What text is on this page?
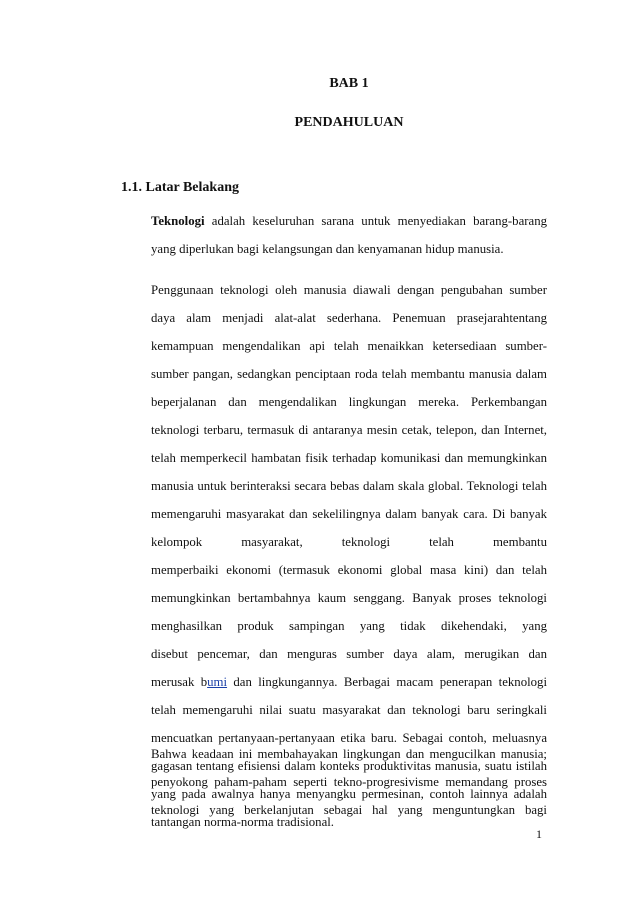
BAB 1
PENDAHULUAN
1.1. Latar Belakang
Teknologi adalah keseluruhan sarana untuk menyediakan barang-barang
yang diperlukan bagi kelangsungan dan kenyamanan hidup manusia.
Penggunaan teknologi oleh manusia diawali dengan pengubahan sumber
daya alam menjadi alat-alat sederhana. Penemuan prasejarahtentang
kemampuan mengendalikan api telah menaikkan ketersediaan sumber-
sumber pangan, sedangkan penciptaan roda telah membantu manusia dalam
beperjalanan dan mengendalikan lingkungan mereka. Perkembangan
teknologi terbaru, termasuk di antaranya mesin cetak, telepon, dan Internet,
telah memperkecil hambatan fisik terhadap komunikasi dan memungkinkan
manusia untuk berinteraksi secara bebas dalam skala global. Teknologi telah
memengaruhi masyarakat dan sekelilingnya dalam banyak cara. Di banyak
kelompok masyarakat, teknologi telah membantu
memperbaiki ekonomi (termasuk ekonomi global masa kini) dan telah
memungkinkan bertambahnya kaum senggang. Banyak proses teknologi
menghasilkan produk sampingan yang tidak dikehendaki, yang
disebut pencemar, dan menguras sumber daya alam, merugikan dan
merusak bumi dan lingkungannya. Berbagai macam penerapan teknologi
telah memengaruhi nilai suatu masyarakat dan teknologi baru seringkali
mencuatkan pertanyaan-pertanyaan etika baru. Sebagai contoh, meluasnya
gagasan tentang efisiensi dalam konteks produktivitas manusia, suatu istilah
yang pada awalnya hanya menyangku permesinan, contoh lainnya adalah
tantangan norma-norma tradisional.
Bahwa keadaan ini membahayakan lingkungan dan mengucilkan manusia;
penyokong paham-paham seperti tekno-progresivisme memandang proses
teknologi yang berkelanjutan sebagai hal yang menguntungkan bagi
1
